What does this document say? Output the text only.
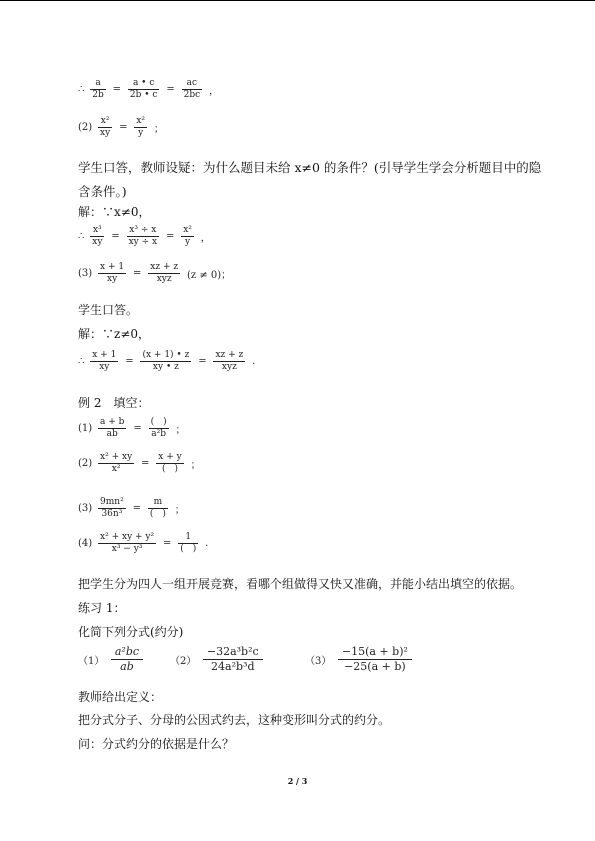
∴ $\frac{a}{2b} = \frac{a • c}{2b • c} = \frac{ac}{2bc}$ ，
$(2) \frac{\text{x²}}{xy} = \frac{\text{x²}}{y}$ ；
学生口答，教师设疑：为什么题目未给 x≠0 的条件？(引导学生学会分析题目中的隐含条件。)
解：∵x≠0，
∴ $\frac{\text{x³}}{xy} = \frac{\text{x³ ÷ x}}{xy \div x} = \frac{\text{x²}}{y}$ ，
$(3) \frac{x + 1}{xy} = \frac{xz + z}{\text{xyz}} (z \ne 0)$；
学生口答。
解：∵z≠0，
∴ $\frac{x + 1}{xy} = \frac{(x + 1) • z}{xy • z} = \frac{xz + z}{\text{xyz}}$ .
例 2　填空：
$(1) \frac{a + b}{ab} = \frac{( )}{\text{a²b}}$ ；
$(2) \frac{\text{x² + xy}}{\text{x²}} = \frac{x + y}{( )}$ ；
$(3) \frac{\text{9mn²}}{\text{36n³}} = \frac{m}{( )}$ ；
$(4) \frac{\text{x² + xy + y²}}{\text{x³ − y³}} = \frac{1}{( )}$ .
把学生分为四人一组开展竞赛，看哪个组做得又快又准确，并能小结出填空的依据。
练习 1：
化简下列分式(约分)
$(1) \frac{\text{a²bc}}{ab}$	$(2) \frac{\text{−32a³b²c}}{\text{24a²b³d}}$	$(3) \frac{\text{−15(a + b)²}}{-25(a + b)}$
教师给出定义：
把分式分子、分母的公因式约去，这种变形叫分式的约分。
问：分式约分的依据是什么？
2 / 3
